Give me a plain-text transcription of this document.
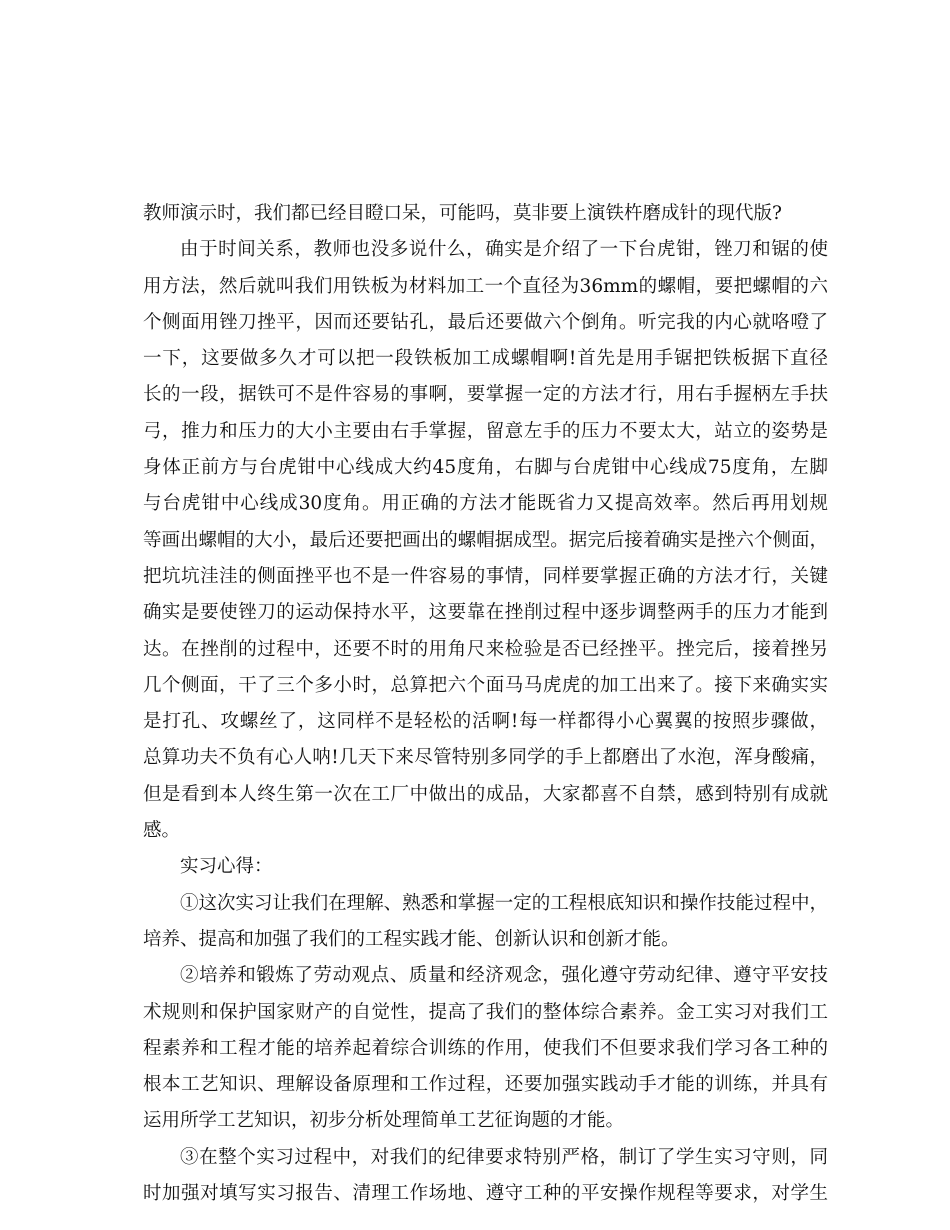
教师演示时，我们都已经目瞪口呆，可能吗，莫非要上演铁杵磨成针的现代版?
由于时间关系，教师也没多说什么，确实是介绍了一下台虎钳，锉刀和锯的使
用方法，然后就叫我们用铁板为材料加工一个直径为36mm的螺帽，要把螺帽的六
个侧面用锉刀挫平，因而还要钻孔，最后还要做六个倒角。听完我的内心就咯噔了
一下，这要做多久才可以把一段铁板加工成螺帽啊!首先是用手锯把铁板据下直径
长的一段，据铁可不是件容易的事啊，要掌握一定的方法才行，用右手握柄左手扶
弓，推力和压力的大小主要由右手掌握，留意左手的压力不要太大，站立的姿势是
身体正前方与台虎钳中心线成大约45度角，右脚与台虎钳中心线成75度角，左脚
与台虎钳中心线成30度角。用正确的方法才能既省力又提高效率。然后再用划规
等画出螺帽的大小，最后还要把画出的螺帽据成型。据完后接着确实是挫六个侧面，
把坑坑洼洼的侧面挫平也不是一件容易的事情，同样要掌握正确的方法才行，关键
确实是要使锉刀的运动保持水平，这要靠在挫削过程中逐步调整两手的压力才能到
达。在挫削的过程中，还要不时的用角尺来检验是否已经挫平。挫完后，接着挫另
几个侧面，干了三个多小时，总算把六个面马马虎虎的加工出来了。接下来确实实
是打孔、攻螺丝了，这同样不是轻松的活啊!每一样都得小心翼翼的按照步骤做，
总算功夫不负有心人呐!几天下来尽管特别多同学的手上都磨出了水泡，浑身酸痛，
但是看到本人终生第一次在工厂中做出的成品，大家都喜不自禁，感到特别有成就
感。
实习心得：
①这次实习让我们在理解、熟悉和掌握一定的工程根底知识和操作技能过程中，
培养、提高和加强了我们的工程实践才能、创新认识和创新才能。
②培养和锻炼了劳动观点、质量和经济观念，强化遵守劳动纪律、遵守平安技
术规则和保护国家财产的自觉性，提高了我们的整体综合素养。金工实习对我们工
程素养和工程才能的培养起着综合训练的作用，使我们不但要求我们学习各工种的
根本工艺知识、理解设备原理和工作过程，还要加强实践动手才能的训练，并具有
运用所学工艺知识，初步分析处理简单工艺征询题的才能。
③在整个实习过程中，对我们的纪律要求特别严格，制订了学生实习守则，同
时加强对填写实习报告、清理工作场地、遵守工种的平安操作规程等要求，对学生
